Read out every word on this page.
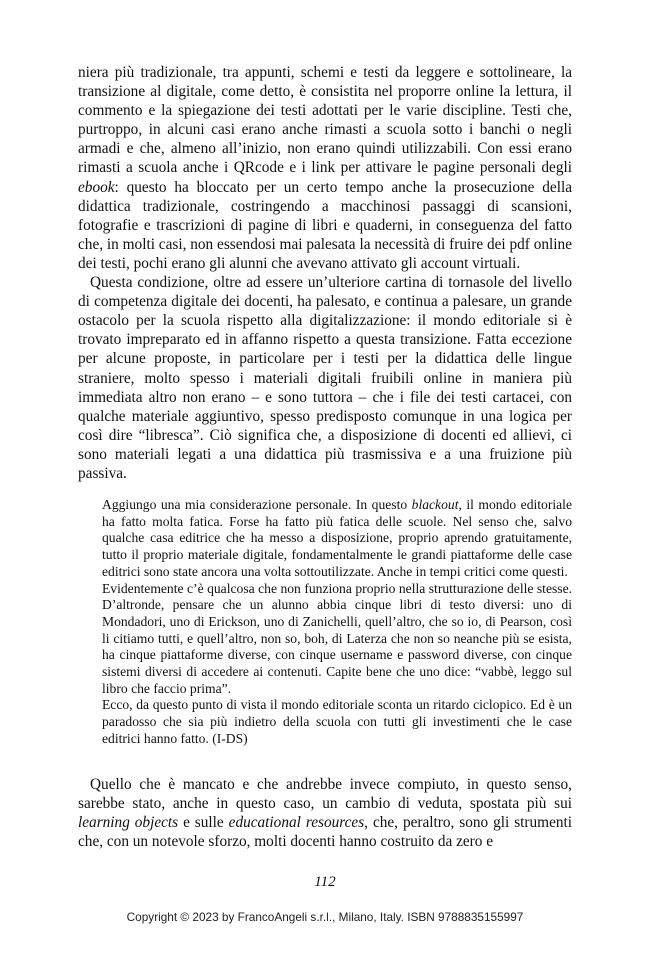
niera più tradizionale, tra appunti, schemi e testi da leggere e sottolineare, la transizione al digitale, come detto, è consistita nel proporre online la lettura, il commento e la spiegazione dei testi adottati per le varie discipline. Testi che, purtroppo, in alcuni casi erano anche rimasti a scuola sotto i banchi o negli armadi e che, almeno all’inizio, non erano quindi utilizzabili. Con essi erano rimasti a scuola anche i QRcode e i link per attivare le pagine personali degli ebook: questo ha bloccato per un certo tempo anche la prosecuzione della didattica tradizionale, costringendo a macchinosi passaggi di scansioni, fotografie e trascrizioni di pagine di libri e quaderni, in conseguenza del fatto che, in molti casi, non essendosi mai palesata la necessità di fruire dei pdf online dei testi, pochi erano gli alunni che avevano attivato gli account virtuali.

Questa condizione, oltre ad essere un’ulteriore cartina di tornasole del livello di competenza digitale dei docenti, ha palesato, e continua a palesare, un grande ostacolo per la scuola rispetto alla digitalizzazione: il mondo editoriale si è trovato impreparato ed in affanno rispetto a questa transizione. Fatta eccezione per alcune proposte, in particolare per i testi per la didattica delle lingue straniere, molto spesso i materiali digitali fruibili online in maniera più immediata altro non erano – e sono tuttora – che i file dei testi cartacei, con qualche materiale aggiuntivo, spesso predisposto comunque in una logica per così dire “libresca”. Ciò significa che, a disposizione di docenti ed allievi, ci sono materiali legati a una didattica più trasmissiva e a una fruizione più passiva.

Aggiungo una mia considerazione personale. In questo blackout, il mondo editoriale ha fatto molta fatica. Forse ha fatto più fatica delle scuole. Nel senso che, salvo qualche casa editrice che ha messo a disposizione, proprio aprendo gratuitamente, tutto il proprio materiale digitale, fondamentalmente le grandi piattaforme delle case editrici sono state ancora una volta sottoutilizzate. Anche in tempi critici come questi.

Evidentemente c’è qualcosa che non funziona proprio nella strutturazione delle stesse. D’altronde, pensare che un alunno abbia cinque libri di testo diversi: uno di Mondadori, uno di Erickson, uno di Zanichelli, quell’altro, che so io, di Pearson, così li citiamo tutti, e quell’altro, non so, boh, di Laterza che non so neanche più se esista, ha cinque piattaforme diverse, con cinque username e password diverse, con cinque sistemi diversi di accedere ai contenuti. Capite bene che uno dice: “vabbè, leggo sul libro che faccio prima”.

Ecco, da questo punto di vista il mondo editoriale sconta un ritardo ciclopico. Ed è un paradosso che sia più indietro della scuola con tutti gli investimenti che le case editrici hanno fatto. (I-DS)

Quello che è mancato e che andrebbe invece compiuto, in questo senso, sarebbe stato, anche in questo caso, un cambio di veduta, spostata più sui learning objects e sulle educational resources, che, peraltro, sono gli strumenti che, con un notevole sforzo, molti docenti hanno costruito da zero e

112
Copyright © 2023 by FrancoAngeli s.r.l., Milano, Italy. ISBN 9788835155997
